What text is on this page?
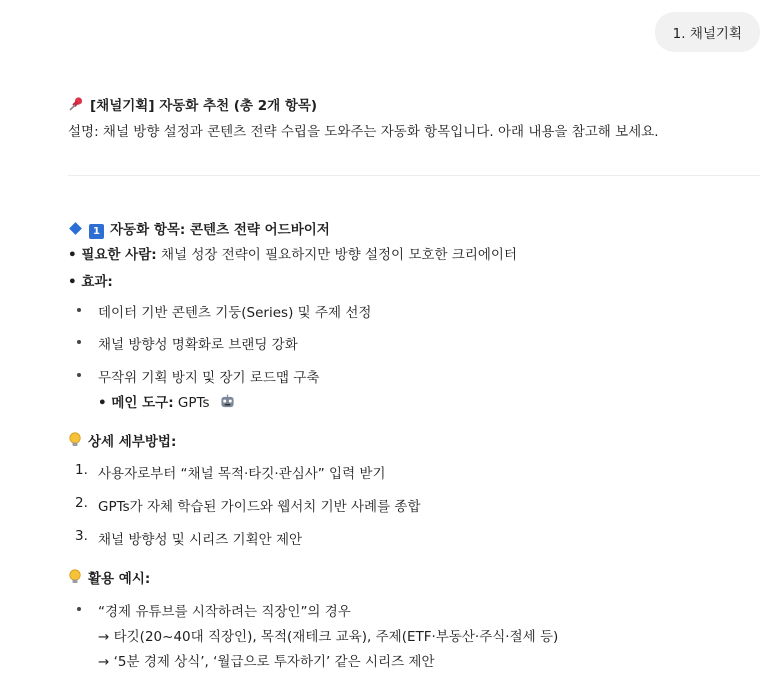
1. 채널기획
[채널기획] 자동화 추천 (총 2개 항목)
설명: 채널 방향 설정과 콘텐츠 전략 수립을 도와주는 자동화 항목입니다. 아래 내용을 참고해 보세요.
1 자동화 항목: 콘텐츠 전략 어드바이저
• 필요한 사람: 채널 성장 전략이 필요하지만 방향 설정이 모호한 크리에이터
• 효과:
데이터 기반 콘텐츠 기둥(Series) 및 주제 선정
채널 방향성 명확화로 브랜딩 강화
무작위 기획 방지 및 장기 로드맵 구축
• 메인 도구: GPTs
상세 세부방법:
1. 사용자로부터 “채널 목적·타깃·관심사” 입력 받기
2. GPTs가 자체 학습된 가이드와 웹서치 기반 사례를 종합
3. 채널 방향성 및 시리즈 기획안 제안
활용 예시:
“경제 유튜브를 시작하려는 직장인”의 경우
→ 타깃(20~40대 직장인), 목적(재테크 교육), 주제(ETF·부동산·주식·절세 등)
→ ‘5분 경제 상식’, ‘월급으로 투자하기’ 같은 시리즈 제안
